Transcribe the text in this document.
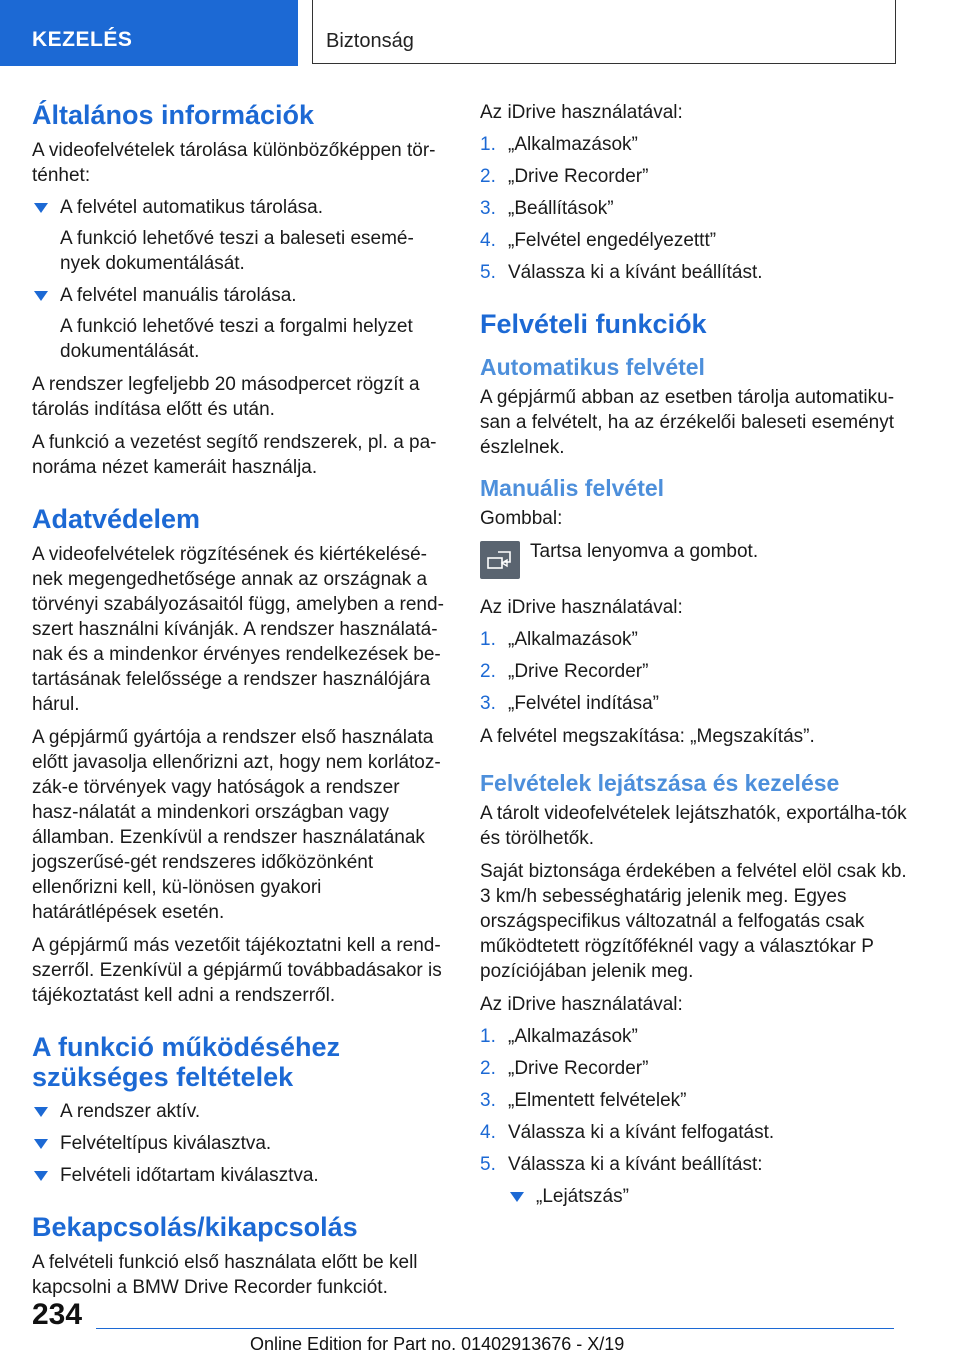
KEZELÉS	Biztonság
Általános információk

A videofelvételek tárolása különbözőképpen tör-ténhet:

A felvétel automatikus tárolása.
A funkció lehetővé teszi a baleseti esemé-nyek dokumentálását.
A felvétel manuális tárolása.
A funkció lehetővé teszi a forgalmi helyzet dokumentálását.

A rendszer legfeljebb 20 másodpercet rögzít a tárolás indítása előtt és után.

A funkció a vezetést segítő rendszerek, pl. a pa-noráma nézet kameráit használja.

Adatvédelem

A videofelvételek rögzítésének és kiértékelésé-nek megengedhetősége annak az országnak a törvényi szabályozásaitól függ, amelyben a rend-szert használni kívánják. A rendszer használatá-nak és a mindenkor érvényes rendelkezések be-tartásának felelőssége a rendszer használójára hárul.

A gépjármű gyártója a rendszer első használata előtt javasolja ellenőrizni azt, hogy nem korlátoz-zák-e törvények vagy hatóságok a rendszer hasz-nálatát a mindenkori országban vagy államban. Ezenkívül a rendszer használatának jogszerűsé-gét rendszeres időközönként ellenőrizni kell, kü-lönösen gyakori határátlépések esetén.

A gépjármű más vezetőit tájékoztatni kell a rend-szerről. Ezenkívül a gépjármű továbbadásakor is tájékoztatást kell adni a rendszerről.

A funkció működéséhez szükséges feltételek
A rendszer aktív.
Felvételtípus kiválasztva.
Felvételi időtartam kiválasztva.
Bekapcsolás/kikapcsolás

A felvételi funkció első használata előtt be kell kapcsolni a BMW Drive Recorder funkciót.

Az iDrive használatával:

1. „Alkalmazások”
2. „Drive Recorder”
3. „Beállítások”
4. „Felvétel engedélyezettt”
5. Válassza ki a kívánt beállítást.
Felvételi funkciók
Automatikus felvétel

A gépjármű abban az esetben tárolja automatiku-san a felvételt, ha az érzékelői baleseti eseményt észlelnek.

Manuális felvétel

Gombbal:

Tartsa lenyomva a gombot.

Az iDrive használatával:

1. „Alkalmazások”
2. „Drive Recorder”
3. „Felvétel indítása”

A felvétel megszakítása: „Megszakítás”.

Felvételek lejátszása és kezelése

A tárolt videofelvételek lejátszhatók, exportálha-tók és törölhetők.

Saját biztonsága érdekében a felvétel elöl csak kb. 3 km/h sebességhatárig jelenik meg. Egyes országspecifikus változatnál a felfogatás csak működtetett rögzítőféknél vagy a választókar P pozíciójában jelenik meg.

Az iDrive használatával:

1. „Alkalmazások”
2. „Drive Recorder”
3. „Elmentett felvételek”
4. Válassza ki a kívánt felfogatást.
5. Válassza ki a kívánt beállítást:
„Lejátszás”
234
Online Edition for Part no. 01402913676 - X/19
